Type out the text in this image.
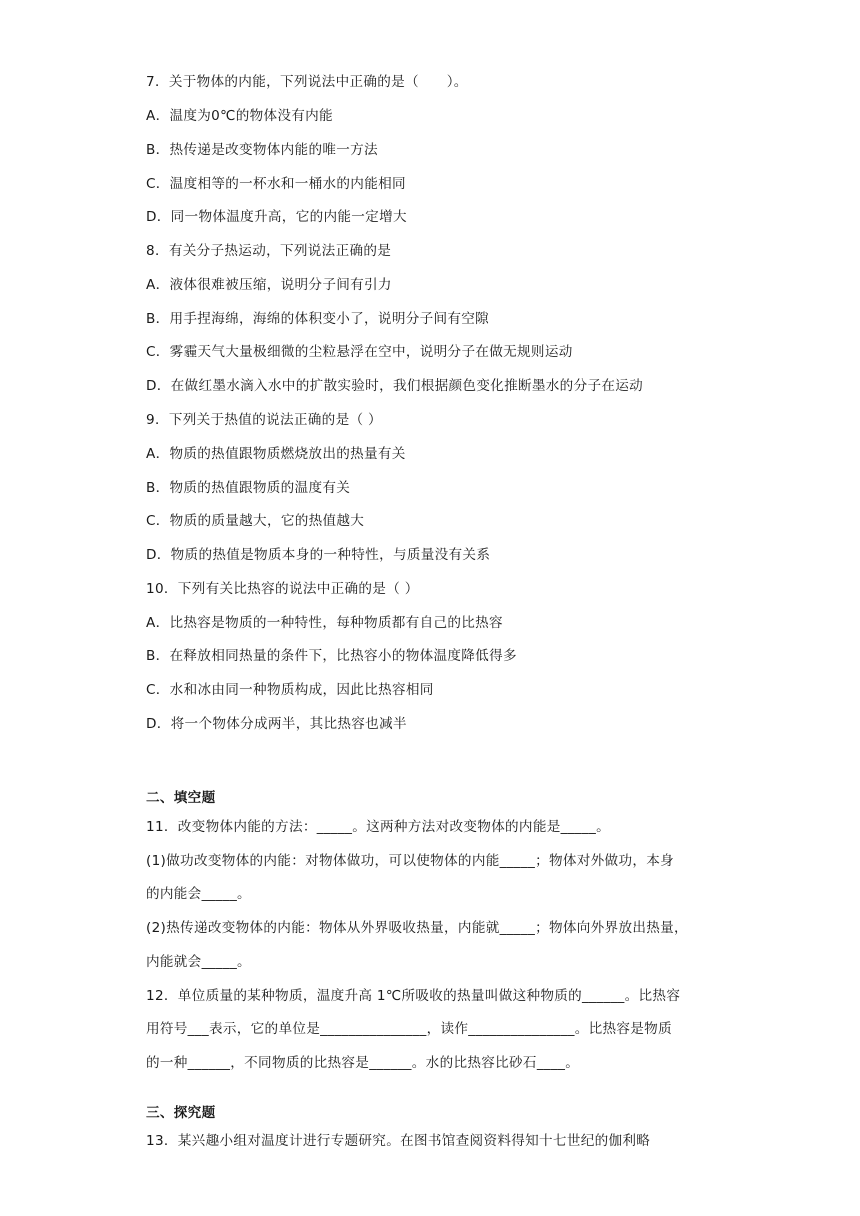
7．关于物体的内能，下列说法中正确的是（　　）。
A．温度为0℃的物体没有内能
B．热传递是改变物体内能的唯一方法
C．温度相等的一杯水和一桶水的内能相同
D．同一物体温度升高，它的内能一定增大
8．有关分子热运动，下列说法正确的是
A．液体很难被压缩，说明分子间有引力
B．用手捏海绵，海绵的体积变小了，说明分子间有空隙
C．雾霾天气大量极细微的尘粒悬浮在空中，说明分子在做无规则运动
D．在做红墨水滴入水中的扩散实验时，我们根据颜色变化推断墨水的分子在运动
9．下列关于热值的说法正确的是（ ）
A．物质的热值跟物质燃烧放出的热量有关
B．物质的热值跟物质的温度有关
C．物质的质量越大，它的热值越大
D．物质的热值是物质本身的一种特性，与质量没有关系
10．下列有关比热容的说法中正确的是（ ）
A．比热容是物质的一种特性，每种物质都有自己的比热容
B．在释放相同热量的条件下，比热容小的物体温度降低得多
C．水和冰由同一种物质构成，因此比热容相同
D．将一个物体分成两半，其比热容也减半
二、填空题
11．改变物体内能的方法：_____。这两种方法对改变物体的内能是_____。
(1)做功改变物体的内能：对物体做功，可以使物体的内能_____；物体对外做功，本身
的内能会_____。
(2)热传递改变物体的内能：物体从外界吸收热量，内能就_____；物体向外界放出热量，
内能就会_____。
12．单位质量的某种物质，温度升高 1℃所吸收的热量叫做这种物质的______。比热容
用符号___表示，它的单位是_______________，读作_______________。比热容是物质
的一种______，不同物质的比热容是______。水的比热容比砂石____。
三、探究题
13．某兴趣小组对温度计进行专题研究。在图书馆查阅资料得知十七世纪的伽利略
